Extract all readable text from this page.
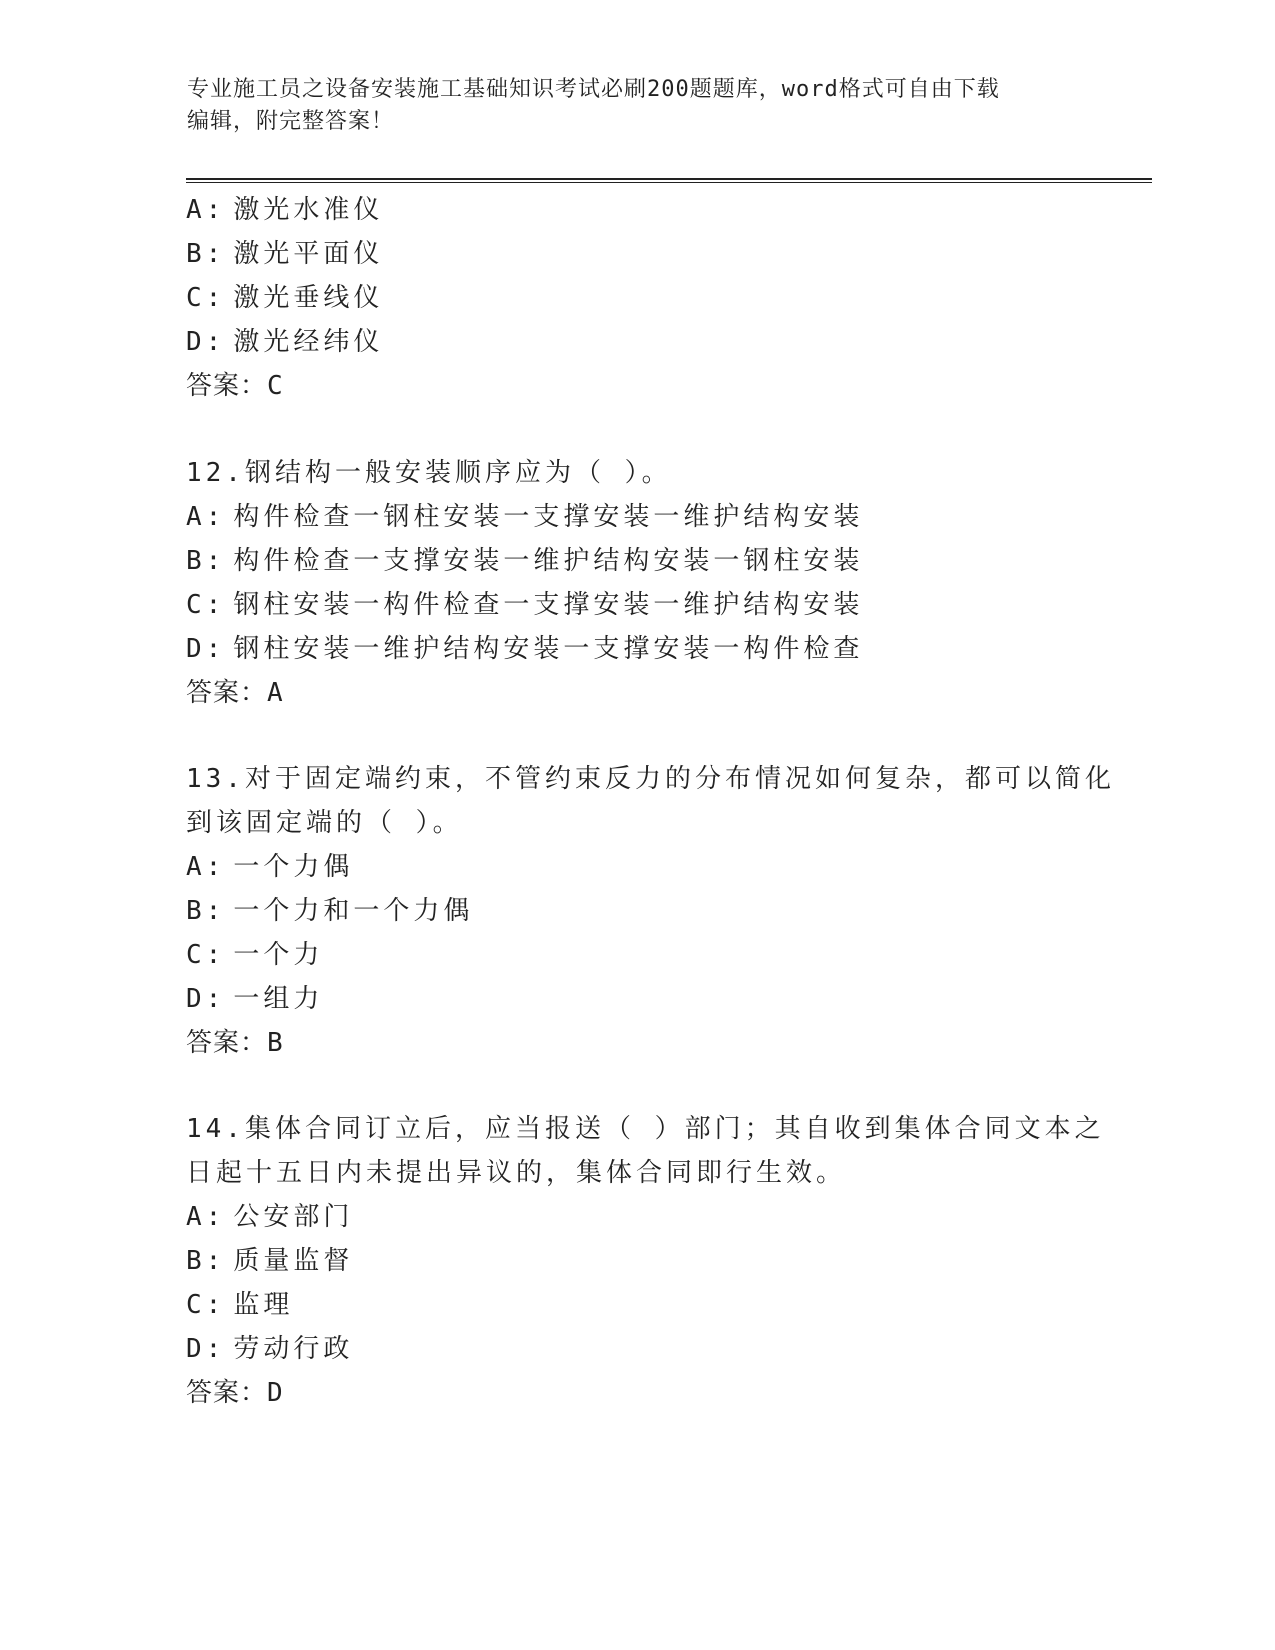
专业施工员之设备安装施工基础知识考试必刷200题题库，word格式可自由下载
编辑，附完整答案！
A: 激光水准仪
B: 激光平面仪
C: 激光垂线仪
D: 激光经纬仪
答案：C
12.钢结构一般安装顺序应为（ ）。
A: 构件检查一钢柱安装一支撑安装一维护结构安装
B: 构件检查一支撑安装一维护结构安装一钢柱安装
C: 钢柱安装一构件检查一支撑安装一维护结构安装
D: 钢柱安装一维护结构安装一支撑安装一构件检查
答案：A
13.对于固定端约束，不管约束反力的分布情况如何复杂，都可以简化
到该固定端的（ ）。
A: 一个力偶
B: 一个力和一个力偶
C: 一个力
D: 一组力
答案：B
14.集体合同订立后，应当报送（ ）部门；其自收到集体合同文本之
日起十五日内未提出异议的，集体合同即行生效。
A: 公安部门
B: 质量监督
C: 监理
D: 劳动行政
答案：D
